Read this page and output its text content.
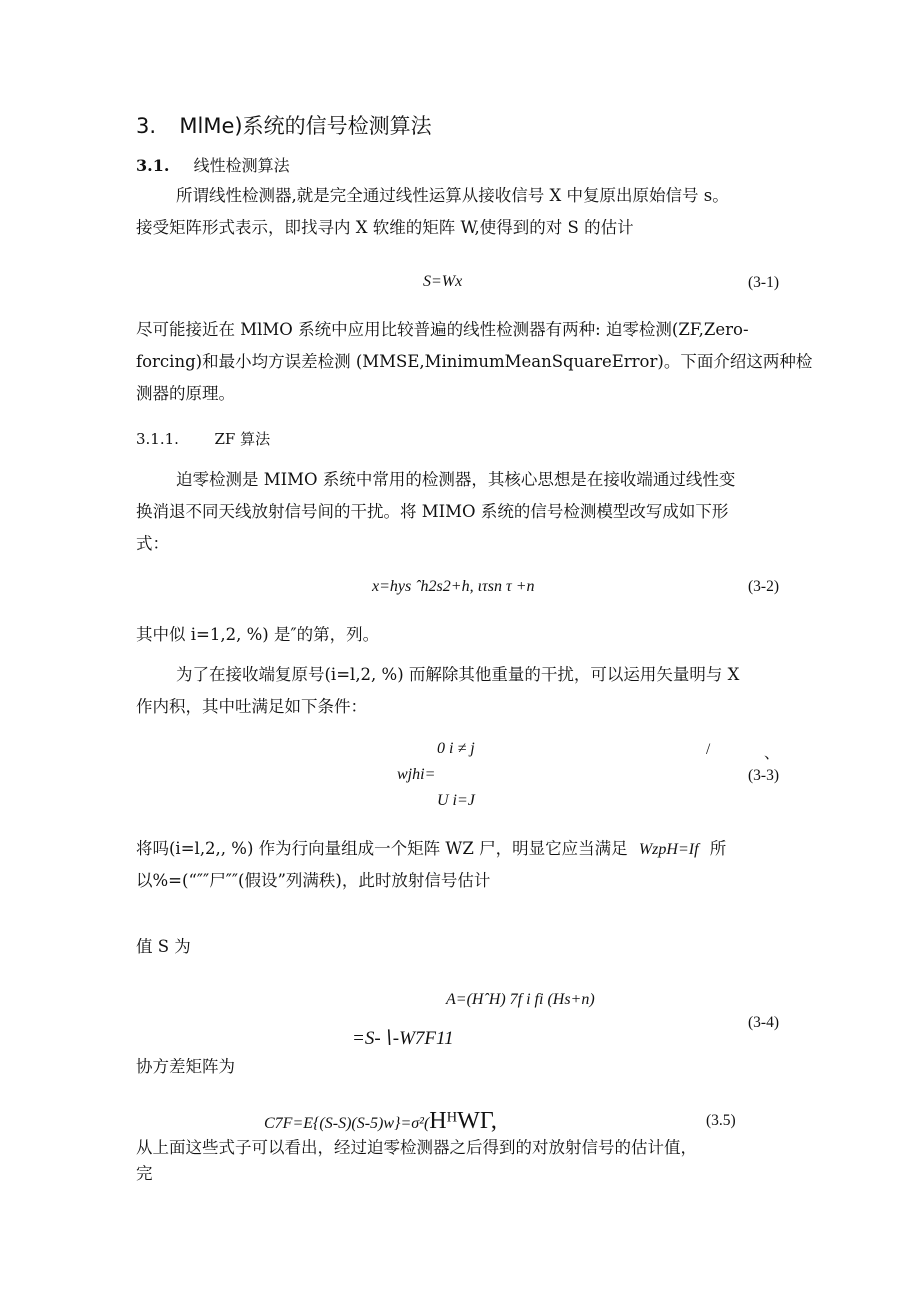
3. MlMe)系统的信号检测算法
3.1. 线性检测算法
所谓线性检测器,就是完全通过线性运算从接收信号 X 中复原出原始信号 s。
接受矩阵形式表示，即找寻内 X 软维的矩阵 W,使得到的对 S 的估计
S=Wx	(3-1)
尽可能接近在 MlMO 系统中应用比较普遍的线性检测器有两种: 迫零检测(ZF,Zero-
forcing)和最小均方误差检测 (MMSE,MinimumMeanSquareError)。下面介绍这两种检
测器的原理。
3.1.1. ZF 算法
迫零检测是 MIMO 系统中常用的检测器，其核心思想是在接收端通过线性变
换消退不同天线放射信号间的干扰。将 MIMO 系统的信号检测模型改写成如下形
式：
x=hys ˆh2s2+h, ιτsn τ +n	(3-2)
其中似 i=1,2, %) 是″的第，列。
为了在接收端复原号(i=l,2, %) 而解除其他重量的干扰，可以运用矢量明与 X
作内积，其中吐满足如下条件：
0 i ≠ j
wjhi=
U i=J
/	、
(3-3)
将吗(i=l,2,, %) 作为行向量组成一个矩阵 WZ 尸，明显它应当满足 WzpH=If 所
以%=(“″″尸″″(假设”列满秩)，此时放射信号估计
值 S 为
A=(HˆH) 7f i fi (Hs+n)
=S-∖-W7F11
(3-4)
协方差矩阵为
C7F=E{(S-S)(S-5)w}=σ²(HᴴWΓ,	(3.5)
从上面这些式子可以看出，经过迫零检测器之后得到的对放射信号的估计值，
完
